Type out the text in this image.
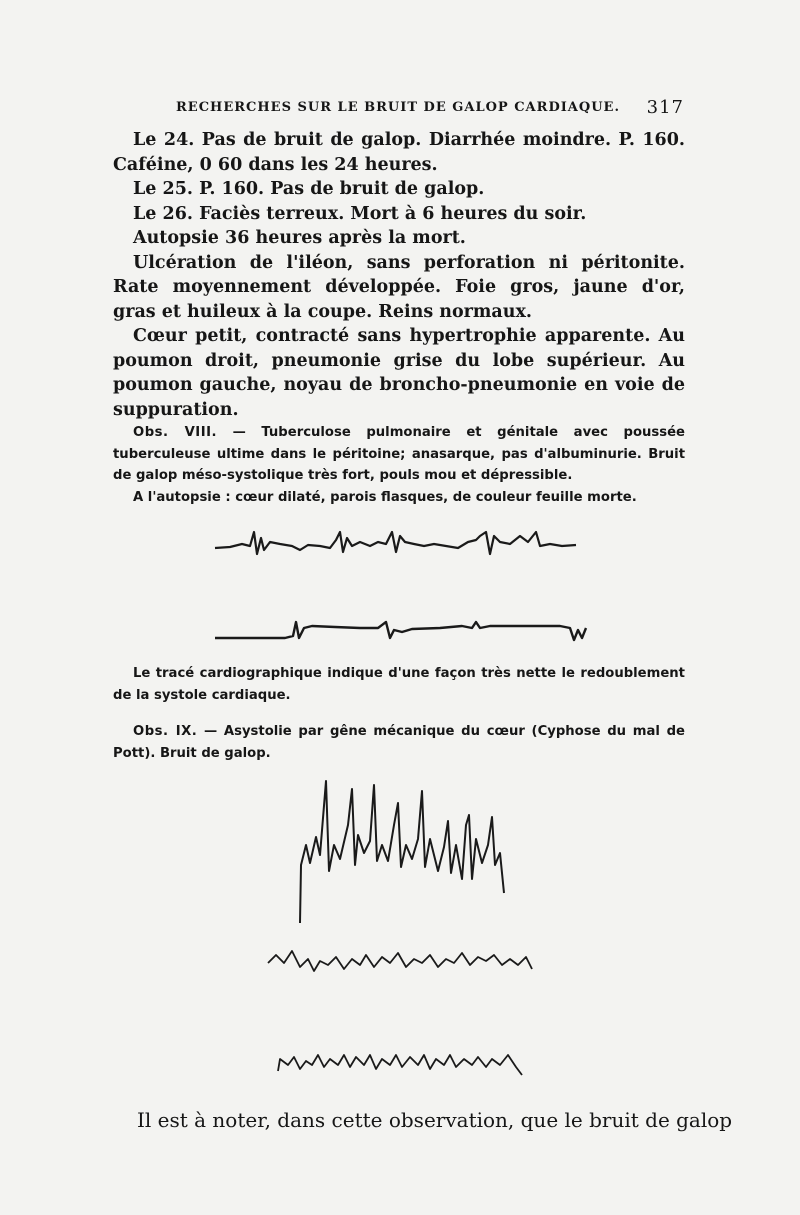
RECHERCHES SUR LE BRUIT DE GALOP CARDIAQUE. 317

Le 24. Pas de bruit de galop. Diarrhée moindre. P. 160. Caféine, 0 60 dans les 24 heures.

Le 25. P. 160. Pas de bruit de galop.

Le 26. Faciès terreux. Mort à 6 heures du soir.

Autopsie 36 heures après la mort.

Ulcération de l'iléon, sans perforation ni péritonite. Rate moyennement développée. Foie gros, jaune d'or, gras et huileux à la coupe. Reins normaux.

Cœur petit, contracté sans hypertrophie apparente. Au poumon droit, pneumonie grise du lobe supérieur. Au poumon gauche, noyau de broncho-pneumonie en voie de suppuration.

Obs. VIII. — Tuberculose pulmonaire et génitale avec poussée tuberculeuse ultime dans le péritoine; anasarque, pas d'albuminurie. Bruit de galop méso-systolique très fort, pouls mou et dépressible.

A l'autopsie : cœur dilaté, parois flasques, de couleur feuille morte.

Le tracé cardiographique indique d'une façon très nette le redoublement de la systole cardiaque.

Obs. IX. — Asystolie par gêne mécanique du cœur (Cyphose du mal de Pott). Bruit de galop.

Il est à noter, dans cette observation, que le bruit de galop
